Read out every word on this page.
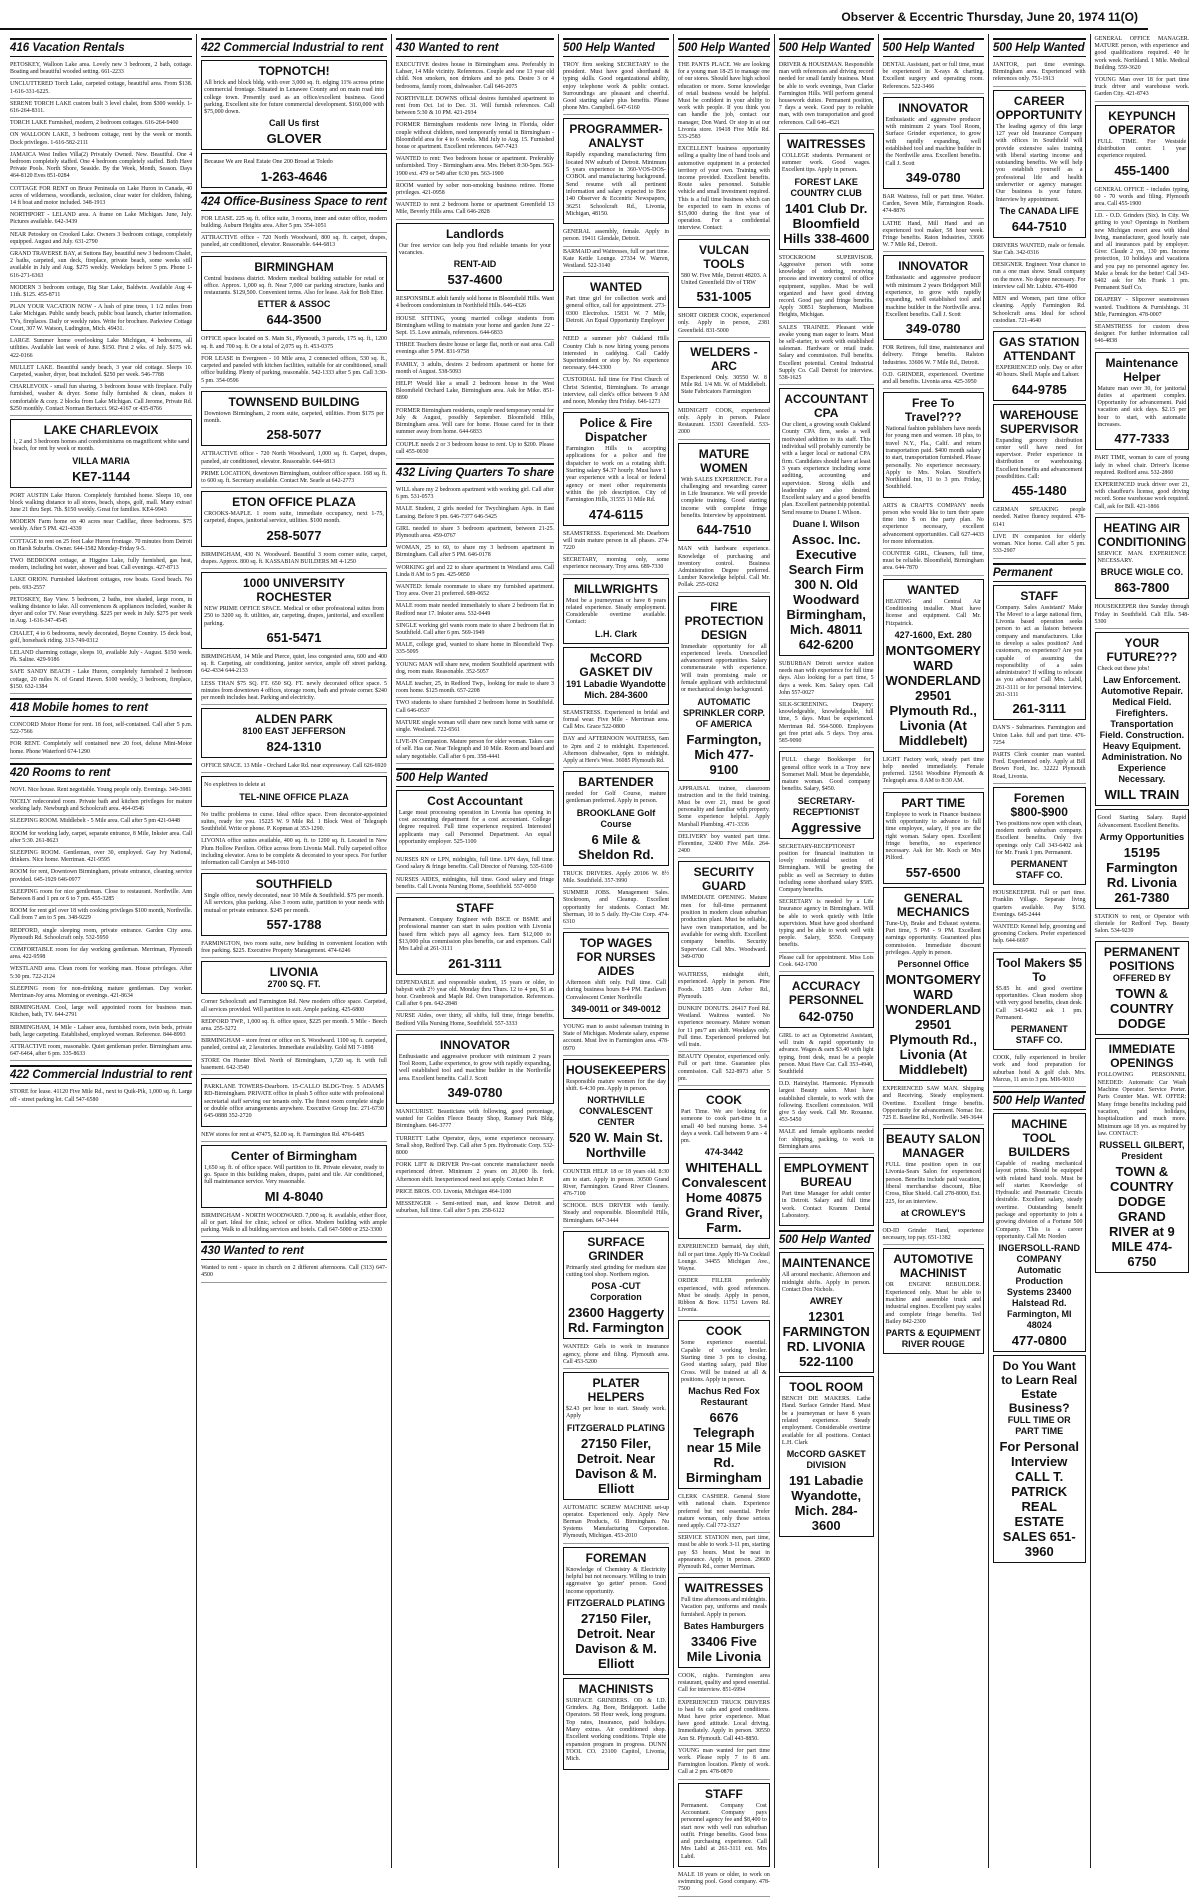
Observer & Eccentric Thursday, June 20, 1974 11(O)
416 Vacation Rentals
PETOSKEY, Walloon Lake area. Lovely new 3 bedroom, 2 bath, cottage. Boating and beautiful wooded setting. 661-2233
UNCLUTTERED Torch Lake, carpeted cottage, beautiful area. From $138. 1-616-331-6225.
SERENE TORCH LAKE custom built 3 level chalet, from $300 weekly. 1-616-264-8311.
TORCH LAKE Furnished, modern, 2 bedroom cottages. 616-264-9400
ON WALLOON LAKE, 3 bedroom cottage, rent by the week or month. Dock privileges. 1-616-582-2111
JAMAICA West Indies Villa(2) Privately Owned. New. Beautiful. One 4 bedroom completely staffed. One 4 bedroom completely staffed. Both Have Private Pools. North Shore, Seaside. By the Week, Month, Season. Days 464-8120 Eves 851-0284
COTTAGE FOR RENT on Bruce Peninsula on Lake Huron in Canada, 40 acres of wilderness, woodlands, seclusion, clear water for children, fishing, 14 ft boat and motor included. 348-1913
NORTHPORT - LELAND area. A frame on Lake Michigan. June, July. Pictures available. 642-3439
NEAR Petoskey on Crooked Lake. Owners 3 bedroom cottage, completely equipped. August and July. 631-2790
GRAND TRAVERSE BAY, at Suttons Bay, beautiful new 3 bedroom Chalet, 2 baths, carpeted, sun deck, fireplace, private beach, some weeks still available in July and Aug. $275 weekly. Weekdays before 5 pm. Phone 1-616-271-6363
MODERN 3 bedroom cottage, Big Star Lake, Baldwin. Available Aug 4-11th. $125. 455-8711
PLAN YOUR VACATION NOW - A lush of pine trees, 1 1/2 miles from Lake Michigan. Public sandy beach, public boat launch, charter information. TVs, fireplaces. Daily or weekly rates. Write for brochure. Parkview Cottage Court, 307 W. Watson, Ludington, Mich. 49431.
LARGE Summer home overlooking Lake Michigan, 4 bedrooms, all utilities. Available last week of June. $150. First 2 wks. of July. $175 wk. 422-0166
MULLET LAKE. Beautiful sandy beach, 3 year old cottage. Sleeps 10. Carpeted, washer, dryer, boat included. $250 per week. 546-7788
CHARLEVOIX - small fun sharing, 3 bedroom house with fireplace. Fully furnished, washer & dryer. Some fully furnished & clean, makes it comfortable & cozy. 2 blocks from Lake Michigan. Call Jerome, Private Rd. $250 monthly. Contact Norman Bertucci. 962-4167 or 435-8766
LAKE CHARLEVOIX
1, 2 and 3 bedroom homes and condominiums on magnificent white sand beach, for rent by week or month.
VILLA MARIA
KE7-1144
PORT AUSTIN Lake Huron. Completely furnished home. Sleeps 10, one block walking distance to all stores, beach, shops, golf, mall. Many extras! June 21 thru Sept. 7th. $150 weekly. Great for families. KE4-9943
MODERN Farm home on 40 acres near Cadillac, three bedrooms. $75 weekly. After 5 PM. 421-4339
COTTAGE to rent on 25 foot Lake Huron frontage. 70 minutes from Detroit on Harsh Suburbs. Owner. 644-1582 Monday-Friday 9-5.
TWO BEDROOM cottage, at Higgins Lake, fully furnished, gas heat, modern, including hot water, shower and boat. Call evenings. 427-8713
LAKE ORION. Furnished lakefront cottages, row boats. Good beach. No pets. 693-2557
PETOSKEY, Bay View. 5 bedroom, 2 baths, tree shaded, large room, in walking distance to lake. All conveniences & appliances included, washer & dryer and color TV. Near everything. $225 per week in July. $275 per week in Aug. 1-616-347-4545
CHALET, 4 to 6 bedrooms, newly decorated, Boyne Country. 15 deck boat, golf, horseback riding. 313-749-0312
LELAND charming cottage, sleeps 10, available July - August. $150 week. Ph. Saline. 429-9186
SAFE SANDY BEACH - Lake Huron, completely furnished 2 bedroom cottage, 20 miles N. of Grand Haven. $100 weekly, 3 bedroom, fireplace, $150. 632-1384
418 Mobile homes to rent
CONCORD Motor Home for rent. 18 foot, self-contained. Call after 5 p.m. 522-7566
FOR RENT. Completely self contained new 20 foot, deluxe Mini-Motor home. Phone Waterford 674-1290
420 Rooms to rent
NOVI. Nice house. Rent negotiable. Young people only. Evenings. 349-3981
NICELY redecorated room. Private bath and kitchen privileges for mature working lady. Newburgh and Schoolcraft area. 464-0546
SLEEPING ROOM. Middlebelt - 5 Mile area. Call after 5 pm 421-0448
ROOM for working lady, carpet, separate entrance, 8 Mile, Inkster area. Call after 5:30. 261-8623
SLEEPING ROOM. Gentleman, over 30, employed. Gay Ivy National, drinkers. Nice home. Merriman. 421-9595
ROOM for rent, Downtown Birmingham, private entrance, cleaning service provided. 645-1929 646-0977
SLEEPING room for nice gentleman. Close to restaurant. Northville. Ann Between 8 and 1 pm or 6 to 7 pm. 455-3285
ROOM for rent girl over 18 with cooking privileges $100 month, Northville. Call from 7 am to 5 pm. 348-9229
REDFORD, single sleeping room, private entrance. Garden City area. Plymouth Rd. Schoolcraft only. 532-5950
COMFORTABLE room for day working gentleman. Merriman, Plymouth area. 422-9598
WESTLAND area. Clean room for working man. House privileges. After 5:30 pm. 722-2124
SLEEPING room for non-drinking mature gentleman. Day worker. Merriman-Joy area. Morning or evenings. 421-8634
BIRMINGHAM. Cool, large well appointed room for business man. Kitchen, bath, TV. 644-2791
BIRMINGHAM, 14 Mile - Lahser area, furnished room, twin beds, private bath, large carpeting. Established, employed woman. Reference. 844-8993
ATTRACTIVE room, reasonable. Quiet gentleman prefer. Birmingham area. 647-6464, after 6 pm. 335-8633
422 Commercial Industrial to rent
STORE for lease. 41120 Five Mile Rd., next to Quik-Pik, 1,000 sq. ft. Large off - street parking lot. Call 547-6580
422 Commercial Industrial to rent
TOPNOTCH!
All brick and block bldg. with over 3,000 sq. ft. edging 11% across prime commercial frontage. Situated in Lenawee County and on main road into college town. Presently used as an office/excellent business. Good parking. Excellent site for future commercial development. $160,000 with $75,000 down.
Call Us first
GLOVER
Because We are Real Estate One 200 Broad at Toledo
1-263-4646
424 Office-Business Space to rent
FOR LEASE. 225 sq. ft. office suite, 3 rooms, inner and outer office, modern building. Auburn Heights area. After 5 pm. 354-1051
ATTRACTIVE office - 720 North Woodward, 800 sq. ft. carpet, drapes, paneled, air conditioned, elevator. Reasonable. 644-6813
BIRMINGHAM
Central business district. Modern medical building suitable for retail or office. Approx. 1,000 sq. ft. Near 7,000 car parking structure, banks and restaurants. $129,500. Convenient terms. Also for lease. Ask for Bob Etter.
ETTER & ASSOC
644-3500
OFFICE space located on S. Main St., Plymouth, 3 parcels, 175 sq. ft., 1200 sq. ft. and 700 sq. ft. Or a total of 2,075 sq. ft. 453-0375
FOR LEASE in Evergreen - 10 Mile area, 2 connected offices, 530 sq. ft., carpeted and paneled with kitchen facilities, suitable for air conditioned, small office building. Plenty of parking, reasonable. 542-1333 after 5 pm. Call 3:30-5 pm. 354-0596
TOWNSEND BUILDING
Downtown Birmingham, 2 room suite, carpeted, utilities. From $175 per month.
258-5077
ATTRACTIVE office - 720 North Woodward, 1,000 sq. ft. Carpet, drapes, paneled, air conditioned, elevator. Reasonable. 644-6813
PRIME LOCATION, downtown Birmingham, outdoor office space. 168 sq. ft. to 600 sq. ft. Secretary available. Contact Mr. Searle at 642-2773
ETON OFFICE PLAZA
CROOKS-MAPLE. 1 room suite, immediate occupancy, next 1-75, carpeted, drapes, janitorial service, utilities. $100 month.
258-5077
BIRMINGHAM, 430 N. Woodward. Beautiful 3 room corner suite, carpet, drapes. Approx. 800 sq. ft. KASSABIAN BUILDERS MI 4-1250
1000 UNIVERSITY ROCHESTER
NEW PRIME OFFICE SPACE. Medical or other professional suites from 250 to 3200 sq. ft. utilities, air, carpeting, drapes, janitorial, and excellent parking.
651-5471
BIRMINGHAM, 14 Mile and Pierce, quiet, less congested area, 600 and 400 sq. ft. Carpeting, air conditioning, janitor service, ample off street parking. 642-4334 644-2133
LESS THAN $75 SQ. FT. 650 SQ. FT. newly decorated office space. 5 minutes from downtown 4 offices, storage room, bath and private corner. $240 per month includes heat. Parking and electricity.
ALDEN PARK
8100 EAST JEFFERSON
824-1310
OFFICE SPACE. 13 Mile - Orchard Lake Rd. near expressway. Call 626-6920
No expletives to delete at
TEL-NINE OFFICE PLAZA
No traffic problems to curse. Ideal office space. Even decorator-appointed suites, ready for you. 15225 W. 9 Mile Rd. 1 Block West of Telegraph Southfield. Write or phone. P. Kopman at 353-1290.
LIVONIA office suites available, 400 sq. ft. to 1200 sq. ft. Located in New Plum Hollow Pavilion. Office across from Livonia Mall. Fully carpeted office including elevator. Area to be complete & decorated to your specs. For further information call Carolyn at 348-1010
SOUTHFIELD
Single office, newly decorated, near 10 Mile & Southfield. $75 per month. All services, plus parking. Also 3 room suite, partition to your needs with mutual or private entrance. $245 per month.
557-1788
FARMINGTON, two room suite, new building in convenient location with free parking. $225. Executive Property Management. 474-6246
LIVONIA
2700 SQ. FT.
Corner Schoolcraft and Farmington Rd. New modern office space. Carpeted, all services provided. Will partition to suit. Ample parking. 425-6800
REDFORD TWP., 1,000 sq. ft. office space, $225 per month. 5 Mile - Beech area. 255-3272
BIRMINGHAM - store front or office on S. Woodward. 1100 sq. ft. carpeted, paneled, central air, 2 lavatories. Immediate availability. Gold MI 7-1898
STORE On Hunter Blvd. North of Birmingham, 1,720 sq. ft. with full basement. 642-3540
PARKLANE TOWERS-Dearborn. 15-CALLO BLDG-Troy. 5 ADAMS RD-Birmingham. PRIVATE office in plush 5 office suite with professional secretarial staff serving our tenants only. The finest room complete single or double office arrangements anywhere. Executive Group Inc. 271-6730 645-0888 352-2720
NEW stores for rent at 47475, $2.00 sq. ft. Farmington Rd. 476-6485
Center of Birmingham
1,650 sq. ft. of office space. Will partition to fit. Private elevator, ready to go. Space in this building makes, drapes, paint and tile. Air conditioned, full maintenance service. Very reasonable.
MI 4-8040
BIRMINGHAM - NORTH WOODWARD. 7,000 sq. ft. available, either floor, all or part. Ideal for clinic, school or office. Modern building with ample parking. Walk to all building services and hotels. Call 647-5000 or 252-3300
430 Wanted to rent
Wanted to rent - space in church on 2 different afternoons. Call (313) 647-4500
430 Wanted to rent
EXECUTIVE desires house in Birmingham area. Preferably in Lahser, 14 Mile vicinity. References. Couple and one 13 year old child. Non smokers, non drinkers and no pets. Desire 3 or 4 bedrooms, family room, dishwasher. Call 646-2075
NORTHVILLE DOWNS official desires furnished apartment to rent from Oct. 1st to Dec. 31. Will furnish references. Call between 5:30 & 10 PM. 421-2934
FORMER Birmingham residents now living in Florida, older couple without children, need temporarily rental in Birmingham - Bloomfield area for 4 to 6 weeks. Mid July to Aug. 15. Furnished house or apartment. Excellent references. 647-7423
WANTED to rent: Two bedroom house or apartment. Preferably unfurnished. Troy - Birmingham area. Mrs. Hebert 8:30-5pm. 563-1900 ext. 479 or 549 after 6:30 pm. 563-1900
ROOM wanted by sober non-smoking business retiree. Home privileges. 421-0958
WANTED to rent 2 bedroom home or apartment Greenfield 13 Mile, Beverly Hills area. Call 646-2828
Landlords
Our free service can help you find reliable tenants for your vacancies.
RENT-AID
537-4600
RESPONSIBLE adult family sold home in Bloomfield Hills. Want 4 bedroom condominium in Northfield Hills. 646-4326
HOUSE SITTING, young married college students from Birmingham willing to maintain your home and garden June 22 - Sept. 15. Love animals, references. 644-6833
THREE Teachers desire house or large flat, north or east area. Call evenings after 5 PM. 831-9758
FAMILY, 3 adults, desires 2 bedroom apartment or home for month of August. 538-5093
HELP! Would like a small 2 bedroom house in the West Bloomfield Orchard Lake, Birmingham area. Ask for Mike. 851-8890
FORMER Birmingham residents, couple need temporary rental for July & August, possibly September. Bloomfield Hills, Birmingham area. Will care for home. House cared for in their summer away from home. 644-6833
COUPLE needs 2 or 3 bedroom house to rent. Up to $200. Please call 455-0030
432 Living Quarters To share
WILL share my 2 bedroom apartment with working girl. Call after 6 pm. 531-0573
MALE Student, 2 girls needed for Twychingham Apts. in East Lansing. Before 9 pm. 646-7377 646-5425
GIRL needed to share 3 bedroom apartment, between 21-25. Plymouth area. 459-0767
WOMAN, 25 to 60, to share my 3 bedroom apartment in Birmingham. Call after 5 PM. 646-0178
WORKING girl and 22 to share apartment in Westland area. Call Linda 8 AM to 5 pm. 425-9850
WANTED: female roommate to share my furnished apartment. Troy area. Over 21 preferred. 689-0652
MALE room mate needed immediately to share 2 bedroom flat in Redford near 17. Inkster area. 532-0449
SINGLE working girl wants room mate to share 2 bedroom flat in Southfield. Call after 6 pm. 569-1949
MALE, college grad, wanted to share home in Bloomfield Twp. 335-5095
YOUNG MAN will share new, modern Southfield apartment with dog, room mate. Reasonable. 352-5057
MALE teacher, 25, in Redford Twp., looking for male to share 3 room home. $125 month. 657-2208
TWO students to share furnished 2 bedroom home in Southfield. Call 646-0537
MATURE single woman will share new ranch home with same or single. Westland. 722-6561
LIVE-IN Companion. Mature person for older woman. Takes care of self. Has car. Near Telegraph and 10 Mile. Room and board and salary negotiable. Call after 6 pm. 358-4441
500 Help Wanted
Cost Accountant
Large meat processing operation in Livonia has opening in cost accounting department for a cost accountant. College degree required. Full time experience required. Interested applicants may call Personnel Department. An equal opportunity employer. 525-1100
NURSES RN or LPN, midnights, full time. LPN days, full time. Good salary & fringe benefits. Call Director of Nursing. 535-6100
NURSES AIDES, midnights, full time. Good salary and fringe benefits. Call Livonia Nursing Home, Southfield. 557-0050
STAFF
Permanent. Company Engineer with BSCE or BSME and professional manner can start in sales position with Livonia based firm which pays all agency fees. Earn $12,000 to $13,000 plus commission plus benefits, car and expenses. Call Mrs Labil at 261-3111
261-3111
DEPENDABLE and responsible student, 15 years or older, to babysit with 2½ year old. Monday thru Thurs. 12 to 4 pm, $1 an hour. Cranbrook and Maple Rd. Own transportation. References. Call after 6 pm. 642-2848
NURSE Aides, over thirty, all shifts, full time, fringe benefits. Bedford Villa Nursing Home, Southfield. 557-3333
INNOVATOR
Enthusiastic and aggressive producer with minimum 2 years Tool Room, Lathe experience, to grow with rapidly expanding, well established tool and machine builder in the Northville area. Excellent benefits. Call J. Scott
349-0780
MANICURIST. Beauticians with following, good percentage, wanted for Golden Fleece Beauty Shop, Ramsey Park Bldg. Birmingham. 646-3777
TURRETT Lathe Operator, days, some experience necessary. Small shop, Redford Twp. Call after 5 pm. Hydromatic Corp. 532-8000
FORK LIFT & DRIVER Pre-cast concrete manufacturer needs experienced driver. Minimum 2 years on 20,000 lb. fork. Afternoon shift. Inexperienced need not apply. Contact John P.
PRICE BROS. CO. Livonia, Michigan 464-1100
MESSENGER - Semi-retired man, and know Detroit and suburban, full time. Call after 5 pm. 258-6122
500 Help Wanted
TROY firm seeking SECRETARY to the president. Must have good shorthand & typing skills. Good organizational ability, enjoy telephone work & public contact. Surroundings are pleasant and cheerful. Good starting salary plus benefits. Please phone Mrs. Campbell. 647-6160
PROGRAMMER-ANALYST
Rapidly expanding manufacturing firm located NW suburb of Detroit. Minimum 5 years experience in 360-VOS-DOS-COBOL and manufacturing background. Send resume with all pertinent information and salary expected to Box 140 Observer & Eccentric Newspapers, 36251 Schoolcraft Rd., Livonia, Michigan, 48150.
GENERAL assembly, female. Apply in person. 19411 Glendale, Detroit.
BARMAID and Waitresses, full or part time. Kate Kettle Lounge. 27334 W. Warren, Westland. 522-3140
WANTED
Part time girl for collection work and general office, call for appointment. 273-0300 Electrolux. 15831 W. 7 Mile, Detroit. An Equal Opportunity Employer
NEED a summer job? Oakland Hills Country Club is now hiring young persons interested in caddying. Call Caddy Superintendent or stop by. No experience necessary. 644-3300
CUSTODIAL full time for First Church of Christ Scientist, Birmingham. To arrange interview, call clerk's office between 9 AM and noon, Monday thru Friday. 646-1273
Police & Fire Dispatcher
Farmington Hills is accepting applications for a police and fire dispatcher to work on a rotating shift. Starting salary $4.37 hourly. Must have 1 year experience with a local or federal agency or meet other requirements within the job description. City of Farmington Hills, 31555 11 Mile Rd.
474-6115
SEAMSTRESS. Experienced. Mr. Dearborn will train mature person in all phases. 274-7220
SECRETARY, morning only, some experience necessary. Troy area. 689-7330
MILLWRIGHTS
Must be a journeyman or have 8 years related experience. Steady employment. Considerable overtime available. Contact:
L.H. Clark
McCORD GASKET DIV
191 Labadie Wyandotte Mich. 284-3600
SEAMSTRESS. Experienced in bridal and formal wear. Five Mile - Merriman area. Call Mrs. Grace 522-0800
DAY and AFTERNOON WAITRESS, 6am to 2pm and 2 to midnight. Experienced. Afternoon dishwasher, 6pm to midnight. Apply at Here's West. 36085 Plymouth Rd.
BARTENDER
needed for Golf Course, mature gentleman preferred. Apply in person.
BROOKLANE Golf Course
6 Mile & Sheldon Rd.
TRUCK DRIVERS. Apply 20106 W. 8½ Mile. Southfield. 357-3990
SUMMER JOBS. Management Sales. Stockroom, and Cleanup. Excellent opportunity for students. Contact Mr. Sherman, 10 to 5 daily. Hy-Cite Corp. 474-6310
TOP WAGES FOR NURSES AIDES
Afternoon shift only. Full time. Call during business hours 8-4 PM. Eastlawn Convalescent Center Northville
349-0011 or 349-0012
YOUNG man to assist salesman training in State of Michigan. Moderate salary, expense account. Must live in Farmington area. 478-0970
HOUSEKEEPERS
Responsible mature women for the day shift. 6-4:30 pm. Apply in person.
NORTHVILLE CONVALESCENT CENTER
520 W. Main St. Northville
COUNTER HELP. 18 or 18 years old. 8:30 am to start. Apply in person. 30500 Grand River, Farmington. Grand River Cleaners. 476-7100
SCHOOL BUS DRIVER with family. Steady and responsible. Bloomfield Hills, Birmingham. 647-3444
SURFACE GRINDER
Primarily steel grinding for medium size cutting tool shop. Northern region.
POSA -CUT Corporation
23600 Haggerty Rd. Farmington
WANTED: Girls to work in insurance agency, phone and filing. Plymouth area. Call 453-5200
PLATER HELPERS
$2.43 per hour to start. Steady work. Apply
FITZGERALD PLATING
27150 Filer, Detroit. Near Davison & M. Elliott
AUTOMATIC SCREW MACHINE set-up operator. Experienced only. Apply New Berman Products, 61 Birmingham. Nu Systems Manufacturing Corporation. Plymouth, Michigan. 453-2010
FOREMAN
Knowledge of Chemistry & Electricity helpful but not necessary. Willing to train aggressive 'go getter' person. Good income opportunity.
FITZGERALD PLATING
27150 Filer, Detroit. Near Davison & M. Elliott
MACHINISTS
SURFACE GRINDERS. OD & I.D. Grinders. Jig Bore, Bridgeport. Lathe Operators. 58 Hour week, long program. Top rates, Insurance, paid holidays. Many extras. Air conditioned shop. Excellent working conditions. Triple site expansion program in progress. DUNN TOOL CO. 23100 Capitol, Livonia, Mich.
500 Help Wanted
THE PANTS PLACE. We are looking for a young man 18-25 to manage one of our stores. Should have high school education or more. Some knowledge of retail business would be helpful. Must be confident in your ability to work with people. If you think you can handle the job, contact our manager, Don Ward. Or stop in at our Livonia store. 19418 Five Mile Rd. 533-2583
EXCELLENT business opportunity selling a quality line of hand tools and automotive equipment in a protected territory of your own. Training with income provided. Excellent benefits. Route sales personnel. Suitable vehicle and small investment required. This is a full time business which can be expected to earn in excess of $15,000 during the first year of operation. For a confidential interview. Contact:
VULCAN TOOLS
580 W. Five Mile, Detroit 48203. A United Greenfield Div of TRW
531-1005
SHORT ORDER COOK, experienced only. Apply in person, 2381 Greenfield. 831-5000
WELDERS - ARC
Experienced Only. 30550 W. 8 Mile Rd. 1/4 Mi. W. of Middlebelt. State Fabricators Farmington
MIDNIGHT COOK, experienced only. Apply in person. Palace Restaurant. 15301 Greenfield. 533-2000
MATURE WOMEN
With SALES EXPERIENCE. For a challenging and rewarding career in Life Insurance. We will provide complete training. Good starting income with complete fringe benefits. Interview by appointment.
644-7510
MAN with hardware experience. Knowledge of purchasing and inventory control. Business Administration Degree preferred. Lumber Knowledge helpful. Call Mr. Pollak. 255-0262
FIRE PROTECTION DESIGN
Immediate opportunity for all experienced levels. Unexcelled advancement opportunities. Salary commensurate with experience. Will train promising male or female applicant with architectural or mechanical design background.
AUTOMATIC SPRINKLER CORP. OF AMERICA
Farmington, Mich 477-9100
APPRAISAL trainee, classroom instruction and in the field training. Must be over 21, must be good personality and familiar with property. Some experience helpful. Apply Marshall Plumbing. 471-3336
DELIVERY boy wanted part time. Florentine, 32400 Five Mile. 264-2400
SECURITY GUARD
IMMEDIATE OPENING. Mature men for full-time permanent position in modern clean suburban production plant. Must be reliable, have own transportation, and be available for swing shift. Excellent company benefits. Security Supervisor. Call Mrs. Woodward. 349-0700
WAITRESS, midnight shift, experienced. Apply in person. Pine Foods. 1285 Ann Arbor Rd., Plymouth.
DUNKIN' DONUTS. 26417 Ford Rd. Westland. Waitress wanted. No experience necessary. Mature woman for 11 pm/7 am shift. Weekdays only. Full time. Experienced preferred but will train.
BEAUTY Operator, experienced only. Full or part time. Guarantee plus commission. Call 522-8973 after 5 pm.
COOK
Part Time. We are looking for someone to cook part-time in a small 40 bed nursing home. 3-4 days a week. Call between 9 am - 4 pm.
474-3442
WHITEHALL Convalescent Home 40875 Grand River, Farm.
EXPERIENCED barmaid, day shift, full or part time. Apply Hi-Ya Cocktail Lounge. 34455 Michigan Ave., Wayne.
ORDER FILLER preferably experienced, with good references. Must be steady. Apply in person, Ribbon & Bow. 11751 Lovers Rd. Livonia.
COOK
Some experience essential. Capable of working broiler. Starting time 3 pm to closing. Good starting salary, paid Blue Cross. Will be trained at all & positions. Apply in person.
Machus Red Fox Restaurant
6676 Telegraph near 15 Mile Rd. Birmingham
CLERK CASHIER. General Store with national chain. Experience preferred but not essential. Prefer mature woman, only those serious need apply. Call 772-3327
SERVICE STATION men, part time, must be able to work 3-11 pm, starting pay $3 hours. Must be neat in appearance. Apply in person. 29600 Plymouth Rd., corner Merriman.
WAITRESSES
Full time afternoons and midnights. Vacation pay, uniforms and meals furnished. Apply in person.
Bates Hamburgers
33406 Five Mile Livonia
COOK, nights. Farmington area restaurant, quality and speed essential. Call for interview. 851-6994
EXPERIENCED TRUCK DRIVERS to haul 6x cabs and good conditions. Must have prior experience. Must have good attitude. Local driving. Immediately. Apply in person. 30550 Ann St. Plymouth. Call 443-8850.
YOUNG man wanted for part time work. Please reply 7 to 8 am. Farmington location. Plenty of work. Call at 2 pm. 478-0870
STAFF
Permanent. Company Cost Accountant. Company pays personnel agency fee and $8,400 to start now with well run suburban outfit. Fringe benefits. Good boss and purchasing experience. Call Mrs Labil at 261-3111 ext. Mrs Labil.
MALE 18 years or older, to work on swimming pool. Good company. 478-7500
500 Help Wanted
DRIVER & HOUSEMAN. Responsible man with references and driving record needed for small family business. Must be able to work evenings, Ivan Clarke Farmington Hills. Will perform general housework duties. Permanent position, 7 days a week. Good pay to reliable man, with own transportation and good references. Call 646-4521
WAITRESSES
COLLEGE students. Permanent or summer work. Good wages. Excellent tips. Apply in person.
FOREST LAKE COUNTRY CLUB
1401 Club Dr. Bloomfield Hills 338-4600
STOCKROOM SUPERVISOR. Aggressive person with some knowledge of ordering, receiving process and inventory control of office equipment, supplies. Must be well organized and have good driving record. Good pay and fringe benefits. Apply 30851 Stephenson, Madison Heights, Michigan.
SALES TRAINEE. Pleasant wide awake young man eager to learn. Must be self-starter, to work with established salesman. Hardware or retail trade. Salary and commission. Full benefits. Excellent potential. Central Industrial Supply Co. Call Detroit for interview. 538-1625
ACCOUNTANT CPA
Our client, a growing south Oakland County CPA firm, seeks a well motivated addition to its staff. This individual will probably currently be with a larger local or national CPA firm. Candidates should have at least 3 years experience including some auditing, accounting and supervision. Strong skills and leadership are also desired. Excellent salary and a good benefits plan. Excellent partnership potential. Send resume to Duane I. Wilson.
Duane I. Wilson
Assoc. Inc. Executive Search Firm 300 N. Old Woodward Birmingham, Mich. 48011 642-6200
SUBURBAN Detroit service station needs man with experience for full time days. Also looking for a part time, 5 days a week. Ken. Salary open. Call John 557-0027
SILK-SCREENING. Drapery: knowledgeable, knowledgeable, full time, 5 days. Must be experienced. Merriman Rd. 564-5000. Employees get free print ads. 5 days. Troy area. 585-9090
FULL charge Bookkeeper for general office work in a Troy new Somerset Mall. Must be dependable, mature woman. Good company benefits. Salary, $450.
SECRETARY-RECEPTIONIST
Aggressive
SECRETARY-RECEPTIONIST position for financial institution in lovely residential section of Birmingham. Will be greeting the public as well as Secretary to duties including some shorthand salary $585. Company benefits.
SECRETARY is needed by a Life Insurance agency in Birmingham. Will be able to work quietly with little supervision. Must have good shorthand typing and be able to work well with people. Salary, $550. Company benefits.
Please call for appointment. Miss Lois Cook. 642-1700
ACCURACY PERSONNEL
642-0750
GIRL to act as Optometrist Assistant, will train & rapid opportunity to advance. Wages & earn $3.40 with light typing, front desk, must be a people person. Must Have Car. Call 353-4940, Southfield
D.D. Hairstylist. Harmonic. Plymouth largest Beauty salon. Must have established clientele, to work with the following. Excellent commission. Will give 5 day week. Call Mr. Roxanne. 453-5450
MALE and female applicants needed for: shipping, packing, to work in Birmingham area.
EMPLOYMENT BUREAU
Part time Manager for adult center in Detroit. Salary and full time work. Contact Kramm Dental Laboratory.
500 Help Wanted
MAINTENANCE
All around mechanic. Afternoon and midnight shifts. Apply in person. Contact Don Nichols.
AWREY
12301 FARMINGTON RD. LIVONIA 522-1100
TOOL ROOM
BENCH DIE MAKERS. Lathe Hand. Surface Grinder Hand. Must be a journeyman or have 8 years related experience. Steady employment. Considerable overtime available for all positions. Contact L.H. Clark
McCORD GASKET DIVISION
191 Labadie Wyandotte, Mich. 284-3600
500 Help Wanted
DENTAL Assistant, part or full time, must be experienced in X-rays & charting. Excellent surgery and operating room. References. 522-3466
INNOVATOR
Enthusiastic and aggressive producer with minimum 2 years Tool Room, Surface Grinder experience, to grow with rapidly expanding, well established tool and machine builder in the Northville area. Excellent benefits. Call J. Scott
349-0780
BAR Waitress, full or part time. Waiter. Carden, Seven Mile, Farmington Roads. 474-8876
LATHE Hand, Mill Hand and an experienced tool maker, 58 hour week. Fringe benefits. Raton Industries, 33606 W. 7 Mile Rd., Detroit.
INNOVATOR
Enthusiastic and aggressive producer with minimum 2 years Bridgeport Mill experience, to grow with rapidly expanding, well established tool and machine builder in the Northville area. Excellent benefits. Call J. Scott
349-0780
FOR Retirees, full time, maintenance and delivery. Fringe benefits. Ralston Industries. 33606 W. 7 Mile Rd., Detroit.
O.D. GRINDER, experienced. Overtime and all benefits. Livonia area. 425-3950
Free To Travel???
National fashion publishers have needs for young men and women. 18 plus, to travel N.Y., Fla., Calif. and return transportation paid. $400 month salary to start, transportation furnished. Please personally. No experience necessary. Apply to Mrs. Nolan. Stouffer's Northland Inn, 11 to 3 pm. Friday, Southfield.
ARTS & CRAFTS COMPANY needs person who would like to turn their spare time into $ on the party plan. No experience necessary, excellent advancement opportunities. Call 627-4433 for more information.
COUNTER GIRL, Cleaners, full time, must be reliable. Bloomfield, Birmingham area. 644-7870
WANTED
HEATING and Central Air Conditioning installer. Must have license and equipment. Call Mr. Fitzpatrick.
427-1600, Ext. 280
MONTGOMERY WARD WONDERLAND 29501 Plymouth Rd., Livonia (At Middlebelt)
LIGHT Factory work, steady part time help needed immediately. Female preferred. 12561 Woodbine Plymouth & Telegraph area. 8 AM to 8:30 AM.
PART TIME
Employee to work in Finance business with opportunity to advance to full time employee, salary, if you are the right woman. Salary open. Excellent fringe benefits, no experience necessary. Ask for Mr. Koch or Mrs Pilford.
557-6500
GENERAL MECHANICS
Tune-Up, Brake and Exhaust systems. Part time, 5 PM - 9 PM. Excellent earnings opportunity. Guaranteed plus commission. Immediate discount privileges. Apply in person.
Personnel Office
MONTGOMERY WARD WONDERLAND 29501 Plymouth Rd., Livonia (At Middlebelt)
EXPERIENCED SAW MAN. Shipping and Receiving. Steady employment. Overtime. Excellent fringe benefits. Opportunity for advancement. Nomac Inc. 725 E. Baseline Rd., Northville. 349-3644
BEAUTY SALON MANAGER
FULL time position open in our Livonia-Sears Salon for experienced person. Benefits include paid vacation, liberal merchandise discount, Blue Cross, Blue Shield. Call 278-8000, Ext. 225, for an interview.
at CROWLEY'S
OD-ID Grinder Hand, experience necessary, top pay. 651-1382
AUTOMOTIVE MACHINIST
OR ENGINE REBUILDER. Experienced only. Must be able to machine and assemble truck and industrial engines. Excellent pay scales and complete fringe benefits. Ted Bailey 842-2300
PARTS & EQUIPMENT RIVER ROUGE
500 Help Wanted
JANITOR, part time evenings. Birmingham area. Experienced with references only. 751-1913
CAREER OPPORTUNITY
The leading agency of this large 127 year old Insurance Company with offices in Southfield will provide extensive sales training with liberal starting income and outstanding benefits. We will help you establish yourself as a professional life and health underwriter or agency manager. Our business is your future. Interview by appointment.
The CANADA LIFE
644-7510
DRIVERS WANTED, male or female. Star Cab. 342-0316
DESIGNER. Engineer. Your chance to run a one man show. Small company on the move. No degree necessary. For interview call Mr. Lubitz. 476-4900
MEN and Women, part time office cleaning. Apply Farmington Rd. Schoolcraft area. Ideal for school custodian. 721-4640
GAS STATION ATTENDANT
EXPERIENCED only. Day or after 40 hours. Shell. Maple and Lahser.
644-9785
WAREHOUSE SUPERVISOR
Expanding grocery distribution center will have need for supervisor. Prefer experience in distribution or warehousing. Excellent benefits and advancement possibilities. Call:
455-1480
GERMAN SPEAKING people needed. Native fluency required. 478-6141
LIVE IN companion for elderly woman. Nice home. Call after 5 pm. 533-2907
Permanent
STAFF
Company. Sales Assistant? Make The Move! to a large national firm, Livonia based operation seeks person to act as liaison between company and manufacturers. Like to develop a sales position? And customers, no experience? Are you capable of assuming the responsibility of a sales administrator? If willing to relocate as you advance! Call Mrs. Labil, 261-3111 or for personal interview. 261-3111
261-3111
DAN'S - Submarines. Farmington and Union Lake. full and part time. 476-7254
PARTS Clerk counter man wanted. Ford. Experienced only. Apply at Bill Brown Ford, Inc. 32222 Plymouth Road, Livonia.
Foremen $800-$900
Two positions now open with clean, modern north suburban company. Excellent benefits. Only five openings only Call 343-6402 ask for Mr. Frank 1 pm. Permanent.
PERMANENT STAFF CO.
HOUSEKEEPER. Full or part time. Franklin Village. Separate living quarters available. Pay $150. Evenings. 645-2444
WANTED: Kennel help, grooming and grooming Cockers. Prefer experienced help. 644-6697
Tool Makers $5 To
$5.85 hr. and good overtime opportunities. Clean modern shop with very good benefits, clean desk. Call 343-6402 ask 1 pm. Permanent.
PERMANENT STAFF CO.
COOK, fully experienced in broiler work and food preparation for suburban hotel & golf club. Mrs. Marcus, 11 am to 3 pm. MI6-9010
500 Help Wanted
MACHINE TOOL BUILDERS
Capable of reading mechanical layout prints. Should be equipped with related hand tools. Must be self starter. Knowledge of Hydraulic and Pneumatic Circuits desirable. Excellent salary, steady overtime. Outstanding benefit package and opportunity to join a growing division of a Fortune 500 Company. This is a career opportunity. Call Mr. Norden
INGERSOLL-RAND COMPANY Automatic Production Systems 23400 Halstead Rd. Farmington, MI 48024
477-0800
Do You Want to Learn Real Estate Business?
FULL TIME OR PART TIME
For Personal Interview CALL T. PATRICK REAL ESTATE SALES 651-3960
GENERAL OFFICE MANAGER. MATURE person, with experience and good qualifications required. 40 hr work week. Northland. 1 Mile. Medical Building. 559-3620
YOUNG Man over 18 for part time truck driver and warehouse work. Garden City. 421-8743
KEYPUNCH OPERATOR
FULL TIME. For Westside distribution center. 1 year experience required.
455-1400
GENERAL OFFICE - includes typing, 60 - 70 words and filing. Plymouth area. Call 455-1900
I.D. - O.D. Grinders (Six). In City. We getting to you? Openings in Northern new Michigan resort area with ideal living, manufacturer, good hourly rate and all insurances paid by employer. Give: Claude 2 yrs, 130 pm. Income protection, 10 holidays and vacations and you pay no personnel agency fee. Make a break for the better! Call 343-6402 ask for Mr. Frank 1 pm. Permanent Staff Co.
DRAPERY - Slipcover seamstresses wanted. Traditions & Furnishings. 31 Mile, Farmington. 478-0007
SEAMSTRESS for custom dress designer. For further information call 646-4838
Maintenance Helper
Mature man over 30, for janitorial duties at apartment complex. Opportunity for advancement. Paid vacation and sick days. $2.15 per hour to start, with automatic increases.
477-7333
PART TIME, woman to care of young lady in wheel chair. Driver's license required. Redford area. 532-2860
EXPERIENCED truck driver over 21, with chauffeur's license, good driving record. Some warehouse work required. Call, ask for Bill. 421-1866
HEATING AIR CONDITIONING
SERVICE MAN. EXPERIENCE NECESSARY.
BRUCE WIGLE CO.
863-7800
HOUSEKEEPER thru Sunday through Friday in Southfield. Cali Ella. 548-5300
YOUR FUTURE???
Check out these jobs!
Law Enforcement. Automotive Repair. Medical Field. Firefighters. Transportation Field. Construction. Heavy Equipment. Administration. No Experience Necessary.
WILL TRAIN
Good Starting Salary. Rapid Advancement. Excellent Benefits.
Army Opportunities
15195 Farmington Rd. Livonia 261-7380
STATION to rent, or Operator with clientele for Redford Twp. Beauty Salon. 534-9239
PERMANENT POSITIONS
OFFERED BY
TOWN & COUNTRY DODGE
IMMEDIATE OPENINGS
FOLLOWING PERSONNEL NEEDED: Automatic Car Wash Machine Operator. Service Porter. Parts Counter Man. WE OFFER: Many fringe benefits including paid vacation, paid holidays, hospitalization and much more. Minimum age 18 yrs. as required by law. CONTACT:
RUSSELL GILBERT, President
TOWN & COUNTRY DODGE GRAND RIVER at 9 MILE 474-6750
